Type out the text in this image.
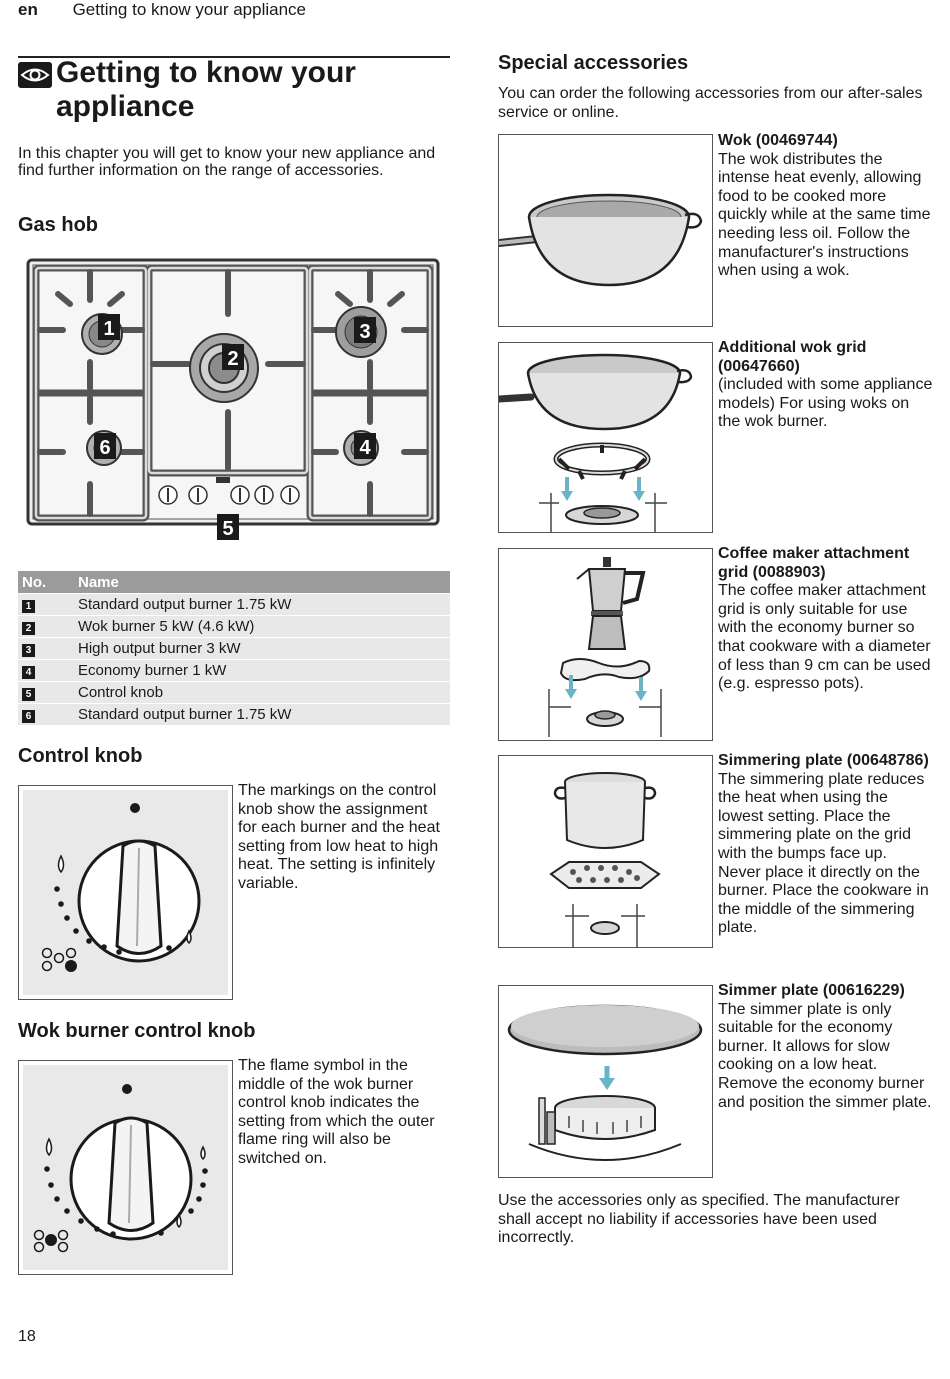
en Getting to know your appliance
Getting to know your appliance

In this chapter you will get to know your new appliance and find further information on the range of accessories.

Gas hob
1
2
3
4
5
6
No.	Name
1	Standard output burner 1.75 kW
2	Wok burner 5 kW (4.6 kW)
3	High output burner 3 kW
4	Economy burner 1 kW
5	Control knob
6	Standard output burner 1.75 kW
Control knob

The markings on the control knob show the assignment for each burner and the heat setting from low heat to high heat. The setting is infinitely variable.

Wok burner control knob

The flame symbol in the middle of the wok burner control knob indicates the setting from which the outer flame ring will also be switched on.

Special accessories

You can order the following accessories from our after-sales service or online.

Wok (00469744)
The wok distributes the intense heat evenly, allowing food to be cooked more quickly while at the same time needing less oil. Follow the manufacturer's instructions when using a wok.
Additional wok grid (00647660)
(included with some appliance models) For using woks on the wok burner.
Coffee maker attachment grid (0088903)
The coffee maker attachment grid is only suitable for use with the economy burner so that cookware with a diameter of less than 9 cm can be used (e.g. espresso pots).
Simmering plate (00648786)
The simmering plate reduces the heat when using the lowest setting. Place the simmering plate on the grid with the bumps face up. Never place it directly on the burner. Place the cookware in the middle of the simmering plate.
Simmer plate (00616229)
The simmer plate is only suitable for the economy burner. It allows for slow cooking on a low heat. Remove the economy burner and position the simmer plate.

Use the accessories only as specified. The manufacturer shall accept no liability if accessories have been used incorrectly.

18
